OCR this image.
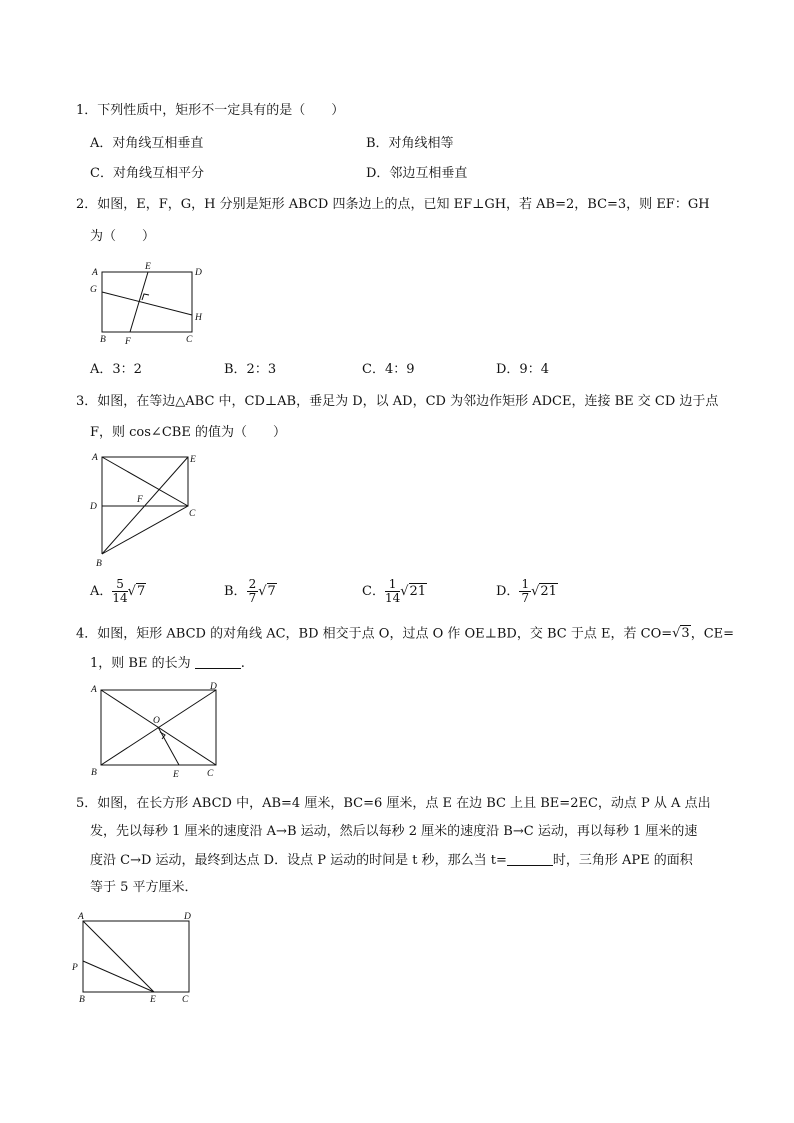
1．下列性质中，矩形不一定具有的是（　　）
A．对角线互相垂直	B．对角线相等
C．对角线互相平分	D．邻边互相垂直
2．如图，E，F，G，H 分别是矩形 ABCD 四条边上的点，已知 EF⊥GH，若 AB=2，BC=3，则 EF：GH
为（　　）
A
E
D
G
H
B F	C
A．3：2	B．2：3	C．4：9	D．9：4
3．如图，在等边△ABC 中，CD⊥AB，垂足为 D，以 AD，CD 为邻边作矩形 ADCE，连接 BE 交 CD 边于点
F，则 cos∠CBE 的值为（　　）
A	E
D
F
C
B
A． $\frac{5}{14} √7$	B． $\frac{2}{7} √7$	C． $\frac{1}{14} √21$	D． $\frac{1}{7} √21$
4．如图，矩形 ABCD 的对角线 AC，BD 相交于点 O，过点 O 作 OE⊥BD，交 BC 于点 E，若 CO=√3，CE=
1，则 BE 的长为	.
A	D
O
B	E	C
5．如图，在长方形 ABCD 中，AB=4 厘米，BC=6 厘米，点 E 在边 BC 上且 BE=2EC，动点 P 从 A 点出
发，先以每秒 1 厘米的速度沿 A→B 运动，然后以每秒 2 厘米的速度沿 B→C 运动，再以每秒 1 厘米的速
度沿 C→D 运动，最终到达点 D．设点 P 运动的时间是 t 秒，那么当 t=	时，三角形 APE 的面积
等于 5 平方厘米．
A	D
P
B	E	C
